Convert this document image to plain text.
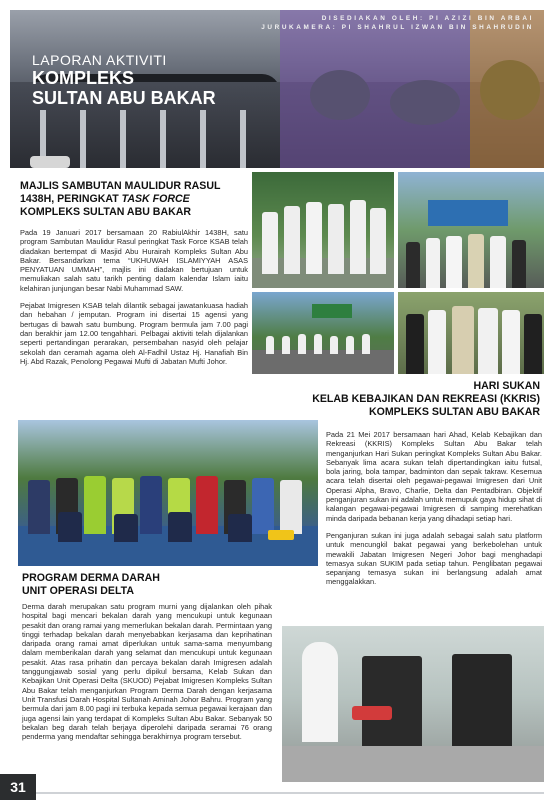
DISEDIAKAN OLEH: PI AZIZI BIN ARBAI
JURUKAMERA: PI SHAHRUL IZWAN BIN SHAHRUDIN
LAPORAN AKTIVITI
KOMPLEKS
SULTAN ABU BAKAR
MAJLIS SAMBUTAN MAULIDUR RASUL
1438H, PERINGKAT TASK FORCE
KOMPLEKS SULTAN ABU BAKAR

Pada 19 Januari 2017 bersamaan 20 RabiulAkhir 1438H, satu program Sambutan Maulidur Rasul peringkat Task Force KSAB telah diadakan bertempat di Masjid Abu Hurairah Kompleks Sultan Abu Bakar. Bersandarkan tema “UKHUWAH ISLAMIYYAH ASAS PENYATUAN UMMAH”, majlis ini diadakan bertujuan untuk memuliakan salah satu tarikh penting dalam kalendar Islam iaitu kelahiran junjungan besar Nabi Muhammad SAW.

Pejabat Imigresen KSAB telah dilantik sebagai jawatankuasa hadiah dan hebahan / jemputan. Program ini disertai 15 agensi yang bertugas di bawah satu bumbung. Program bermula jam 7.00 pagi dan berakhir jam 12.00 tengahhari. Pelbagai aktiviti telah dijalankan seperti pertandingan perarakan, persembahan nasyid oleh pelajar sekolah dan ceramah agama oleh Al-Fadhil Ustaz Hj. Hanafiah Bin Hj. Abd Razak, Penolong Pegawai Mufti di Jabatan Mufti Johor.

HARI SUKAN
KELAB KEBAJIKAN DAN REKREASI (KKRIS)
KOMPLEKS SULTAN ABU BAKAR

Pada 21 Mei 2017 bersamaan hari Ahad, Kelab Kebajikan dan Rekreasi (KKRIS) Kompleks Sultan Abu Bakar telah menganjurkan Hari Sukan peringkat Kompleks Sultan Abu Bakar. Sebanyak lima acara sukan telah dipertandingkan iaitu futsal, bola jaring, bola tampar, badminton dan sepak takraw. Kesemua acara telah disertai oleh pegawai-pegawai Imigresen dari Unit Operasi Alpha, Bravo, Charlie, Delta dan Pentadbiran. Objektif penganjuran sukan ini adalah untuk memupuk gaya hidup sihat di kalangan pegawai-pegawai Imigresen di samping merehatkan minda daripada bebanan kerja yang dihadapi setiap hari.

Penganjuran sukan ini juga adalah sebagai salah satu platform untuk mencungkil bakat pegawai yang berkebolehan untuk mewakili Jabatan Imigresen Negeri Johor bagi menghadapi temasya sukan SUKIM pada setiap tahun. Penglibatan pegawai sepanjang temasya sukan ini berlangsung adalah amat menggalakkan.

PROGRAM DERMA DARAH
UNIT OPERASI DELTA

Derma darah merupakan satu program murni yang dijalankan oleh pihak hospital bagi mencari bekalan darah yang mencukupi untuk kegunaan pesakit dan orang ramai yang memerlukan bekalan darah. Permintaan yang tinggi terhadap bekalan darah menyebabkan kerjasama dan keprihatinan daripada orang ramai amat diperlukan untuk sama-sama menyumbang dalam memberikalan darah yang selamat dan mencukupi untuk kegunaan pesakit. Atas rasa prihatin dan percaya bekalan darah Imigresen adalah tanggungjawab sosial yang perlu dipikul bersama, Kelab Sukan dan Kebajikan Unit Operasi Delta (SKUOD) Pejabat Imigresen Kompleks Sultan Abu Bakar telah menganjurkan Program Derma Darah dengan kerjasama Unit Transfusi Darah Hospital Sultanah Aminah Johor Bahru. Program yang bermula dari jam 8.00 pagi ini terbuka kepada semua pegawai kerajaan dan juga agensi lain yang terdapat di Kompleks Sultan Abu Bakar. Sebanyak 50 bekalan beg darah telah berjaya diperolehi daripada seramai 76 orang penderma yang mendaftar sehingga berakhirnya program tersebut.

31
